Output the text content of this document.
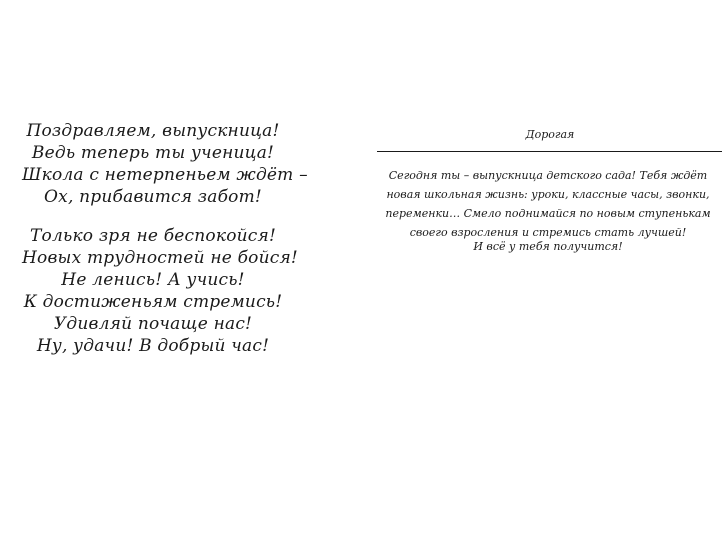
Поздравляем, выпускница!
Ведь теперь ты ученица!
Школа с нетерпеньем ждёт –
Ох, прибавится забот!
Только зря не беспокойся!
Новых трудностей не бойся!
Не ленись! А учись!
К достиженьям стремись!
Удивляй почаще нас!
Ну, удачи! В добрый час!
Дорогая
Сегодня ты – выпускница детского сада! Тебя ждёт
новая школьная жизнь: уроки, классные часы, звонки,
переменки… Смело поднимайся по новым ступенькам
своего взросления и стремись стать лучшей!
И всё у тебя получится!
